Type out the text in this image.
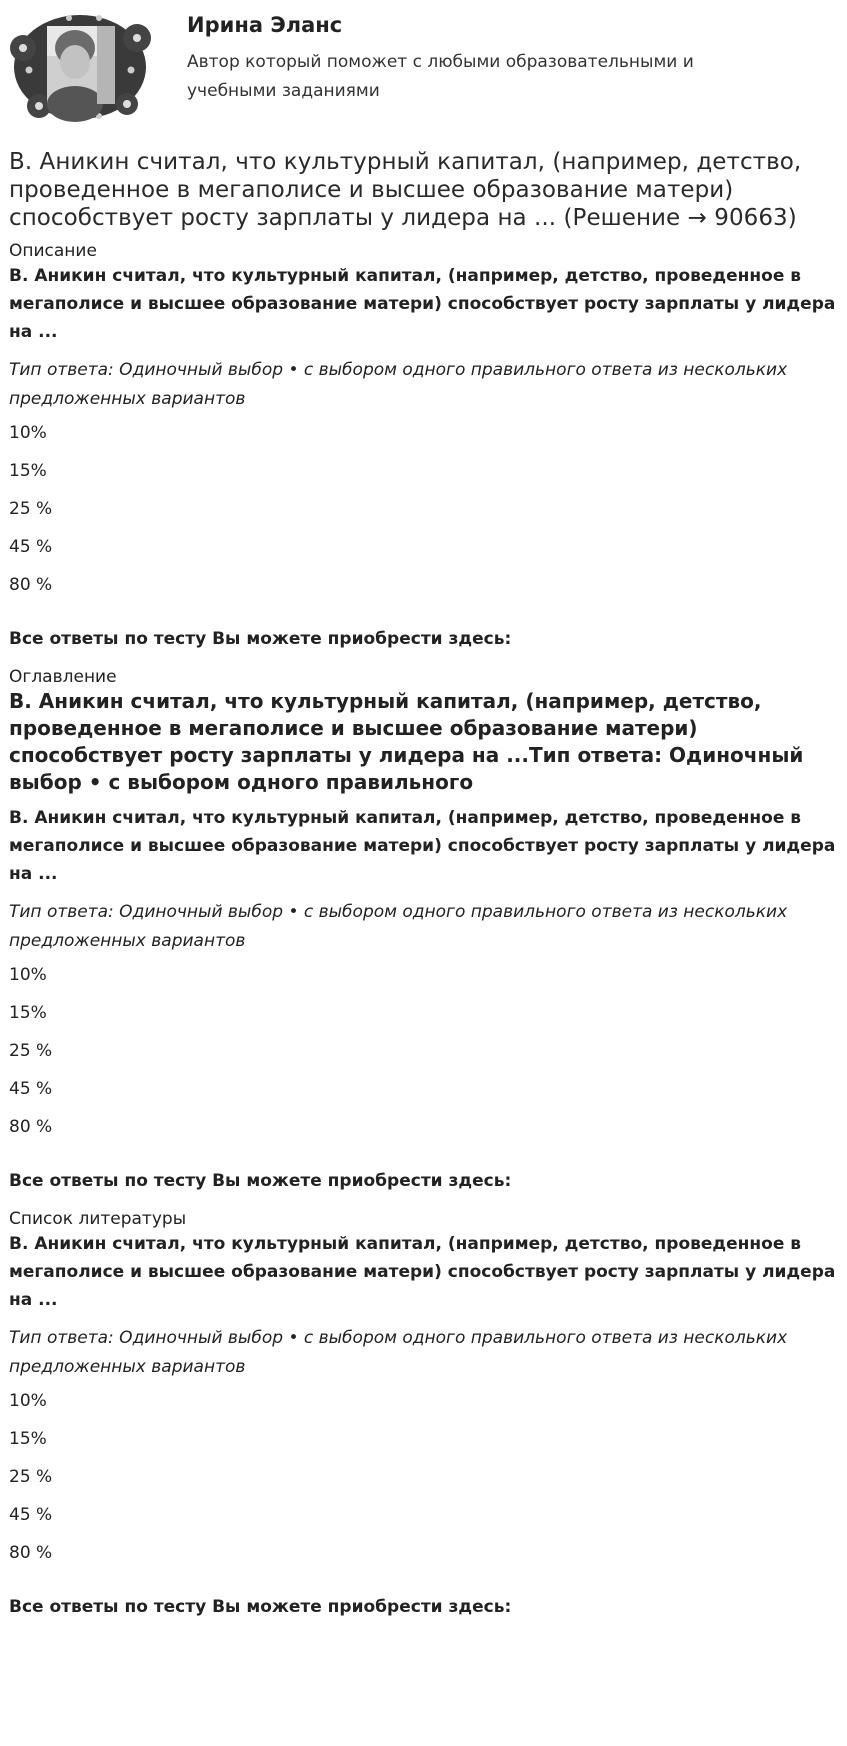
Ирина Эланс
Автор который поможет с любыми образовательными и учебными заданиями
В. Аникин считал, что культурный капитал, (например, детство, проведенное в мегаполисе и высшее образование матери) способствует росту зарплаты у лидера на ... (Решение → 90663)
Описание
В. Аникин считал, что культурный капитал, (например, детство, проведенное в мегаполисе и высшее образование матери) способствует росту зарплаты у лидера на ...
Тип ответа: Одиночный выбор • с выбором одного правильного ответа из нескольких предложенных вариантов
10%
15%
25 %
45 %
80 %
Все ответы по тесту Вы можете приобрести здесь:
Оглавление
В. Аникин считал, что культурный капитал, (например, детство, проведенное в мегаполисе и высшее образование матери) способствует росту зарплаты у лидера на ...Тип ответа: Одиночный выбор • с выбором одного правильного
В. Аникин считал, что культурный капитал, (например, детство, проведенное в мегаполисе и высшее образование матери) способствует росту зарплаты у лидера на ...
Тип ответа: Одиночный выбор • с выбором одного правильного ответа из нескольких предложенных вариантов
10%
15%
25 %
45 %
80 %
Все ответы по тесту Вы можете приобрести здесь:
Список литературы
В. Аникин считал, что культурный капитал, (например, детство, проведенное в мегаполисе и высшее образование матери) способствует росту зарплаты у лидера на ...
Тип ответа: Одиночный выбор • с выбором одного правильного ответа из нескольких предложенных вариантов
10%
15%
25 %
45 %
80 %
Все ответы по тесту Вы можете приобрести здесь:
